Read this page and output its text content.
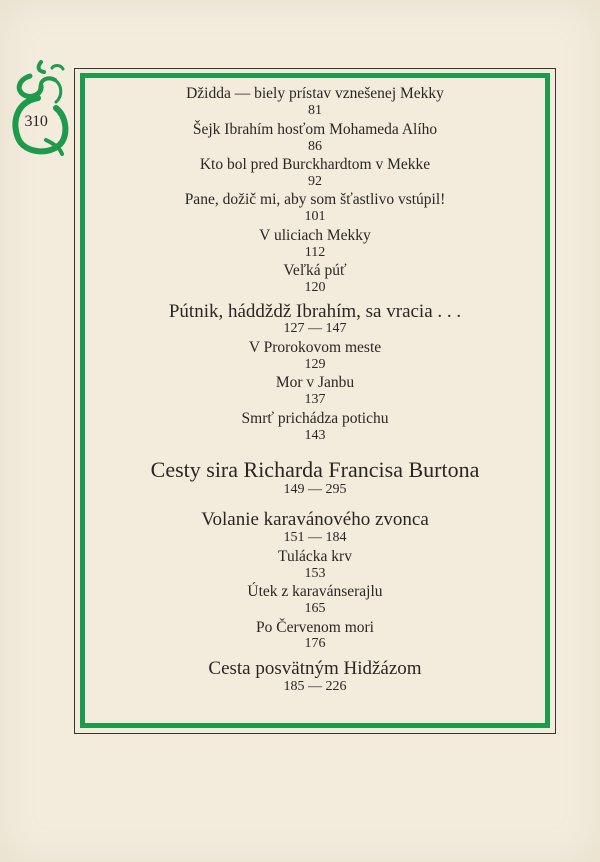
310
Džidda — biely prístav vznešenej Mekky
81
Šejk Ibrahím hosťom Mohameda Alího
86
Kto bol pred Burckhardtom v Mekke
92
Pane, dožič mi, aby som šťastlivo vstúpil!
101
V uliciach Mekky
112
Veľká púť
120
Pútnik, háddždž Ibrahím, sa vracia . . .
127 — 147
V Prorokovom meste
129
Mor v Janbu
137
Smrť prichádza potichu
143
Cesty sira Richarda Francisa Burtona
149 — 295
Volanie karavánového zvonca
151 — 184
Tulácka krv
153
Útek z karavánserajlu
165
Po Červenom mori
176
Cesta posvätným Hidžázom
185 — 226
